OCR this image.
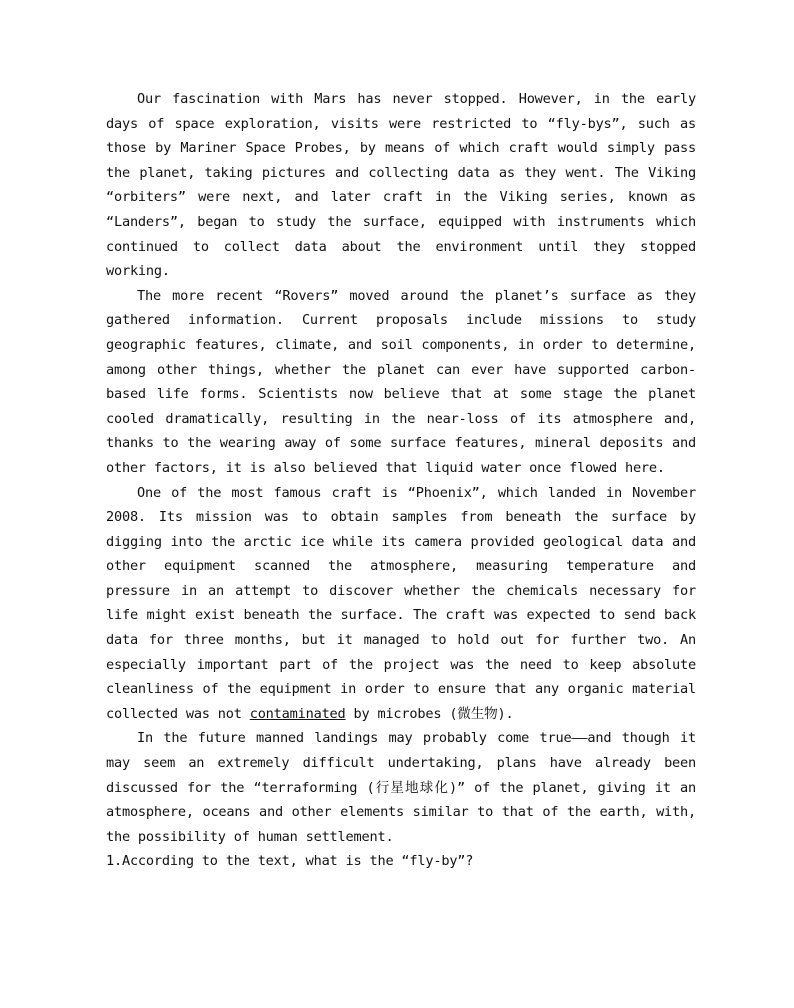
Our fascination with Mars has never stopped. However, in the early days of space exploration, visits were restricted to “fly-bys”, such as those by Mariner Space Probes, by means of which craft would simply pass the planet, taking pictures and collecting data as they went. The Viking “orbiters” were next, and later craft in the Viking series, known as “Landers”, began to study the surface, equipped with instruments which continued to collect data about the environment until they stopped working.

The more recent “Rovers” moved around the planet’s surface as they gathered information. Current proposals include missions to study geographic features, climate, and soil components, in order to determine, among other things, whether the planet can ever have supported carbon-based life forms. Scientists now believe that at some stage the planet cooled dramatically, resulting in the near-loss of its atmosphere and, thanks to the wearing away of some surface features, mineral deposits and other factors, it is also believed that liquid water once flowed here.

One of the most famous craft is “Phoenix”, which landed in November 2008. Its mission was to obtain samples from beneath the surface by digging into the arctic ice while its camera provided geological data and other equipment scanned the atmosphere, measuring temperature and pressure in an attempt to discover whether the chemicals necessary for life might exist beneath the surface. The craft was expected to send back data for three months, but it managed to hold out for further two. An especially important part of the project was the need to keep absolute cleanliness of the equipment in order to ensure that any organic material collected was not contaminated by microbes (微生物).

In the future manned landings may probably come true——and though it may seem an extremely difficult undertaking, plans have already been discussed for the “terraforming (行星地球化)” of the planet, giving it an atmosphere, oceans and other elements similar to that of the earth, with, the possibility of human settlement.

1.According to the text, what is the “fly-by”?
